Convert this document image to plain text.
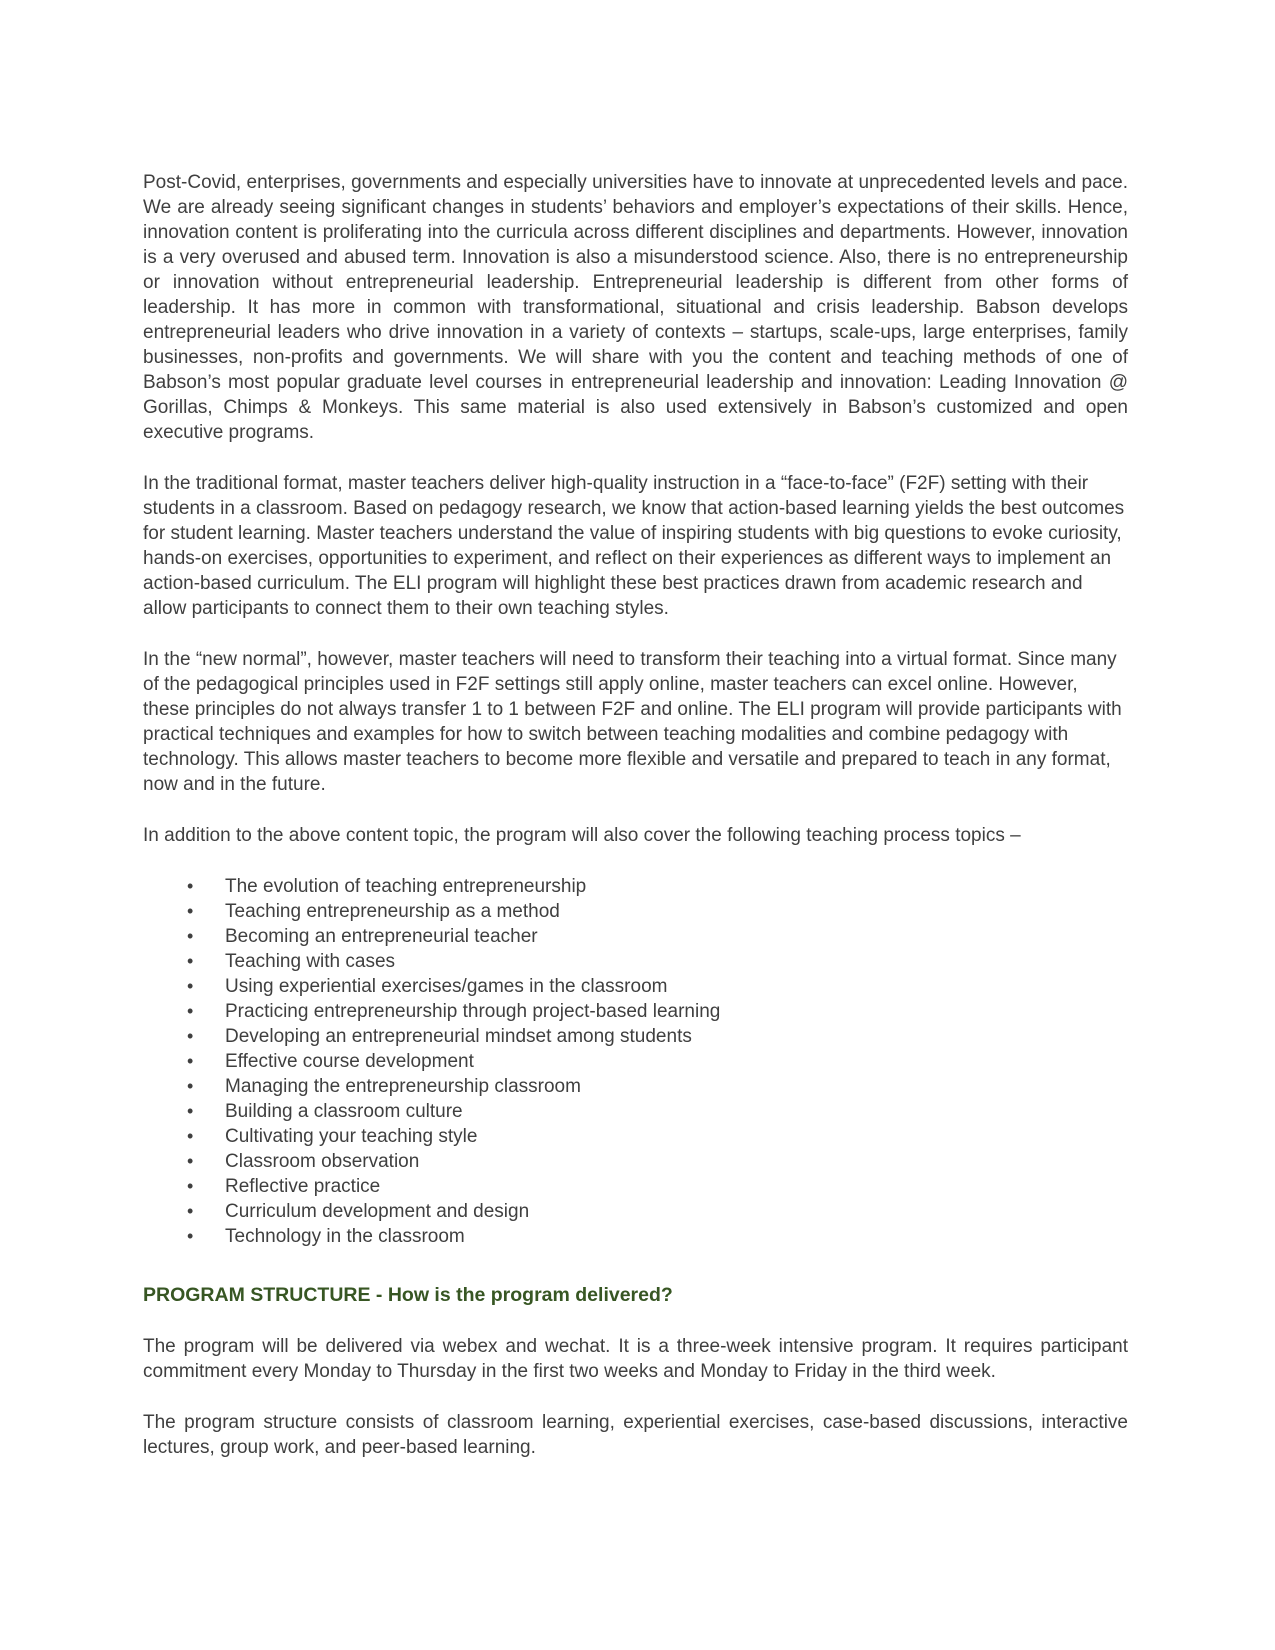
Post-Covid, enterprises, governments and especially universities have to innovate at unprecedented levels and pace. We are already seeing significant changes in students’ behaviors and employer’s expectations of their skills. Hence, innovation content is proliferating into the curricula across different disciplines and departments. However, innovation is a very overused and abused term. Innovation is also a misunderstood science. Also, there is no entrepreneurship or innovation without entrepreneurial leadership. Entrepreneurial leadership is different from other forms of leadership. It has more in common with transformational, situational and crisis leadership. Babson develops entrepreneurial leaders who drive innovation in a variety of contexts – startups, scale-ups, large enterprises, family businesses, non-profits and governments. We will share with you the content and teaching methods of one of Babson’s most popular graduate level courses in entrepreneurial leadership and innovation: Leading Innovation @ Gorillas, Chimps & Monkeys. This same material is also used extensively in Babson’s customized and open executive programs.

In the traditional format, master teachers deliver high-quality instruction in a “face-to-face” (F2F) setting with their students in a classroom. Based on pedagogy research, we know that action-based learning yields the best outcomes for student learning. Master teachers understand the value of inspiring students with big questions to evoke curiosity, hands-on exercises, opportunities to experiment, and reflect on their experiences as different ways to implement an action-based curriculum. The ELI program will highlight these best practices drawn from academic research and allow participants to connect them to their own teaching styles.

In the “new normal”, however, master teachers will need to transform their teaching into a virtual format. Since many of the pedagogical principles used in F2F settings still apply online, master teachers can excel online. However, these principles do not always transfer 1 to 1 between F2F and online. The ELI program will provide participants with practical techniques and examples for how to switch between teaching modalities and combine pedagogy with technology. This allows master teachers to become more flexible and versatile and prepared to teach in any format, now and in the future.

In addition to the above content topic, the program will also cover the following teaching process topics –

• The evolution of teaching entrepreneurship
• Teaching entrepreneurship as a method
• Becoming an entrepreneurial teacher
• Teaching with cases
• Using experiential exercises/games in the classroom
• Practicing entrepreneurship through project-based learning
• Developing an entrepreneurial mindset among students
• Effective course development
• Managing the entrepreneurship classroom
• Building a classroom culture
• Cultivating your teaching style
• Classroom observation
• Reflective practice
• Curriculum development and design
• Technology in the classroom
PROGRAM STRUCTURE - How is the program delivered?

The program will be delivered via webex and wechat. It is a three-week intensive program. It requires participant commitment every Monday to Thursday in the first two weeks and Monday to Friday in the third week.

The program structure consists of classroom learning, experiential exercises, case-based discussions, interactive lectures, group work, and peer-based learning.
